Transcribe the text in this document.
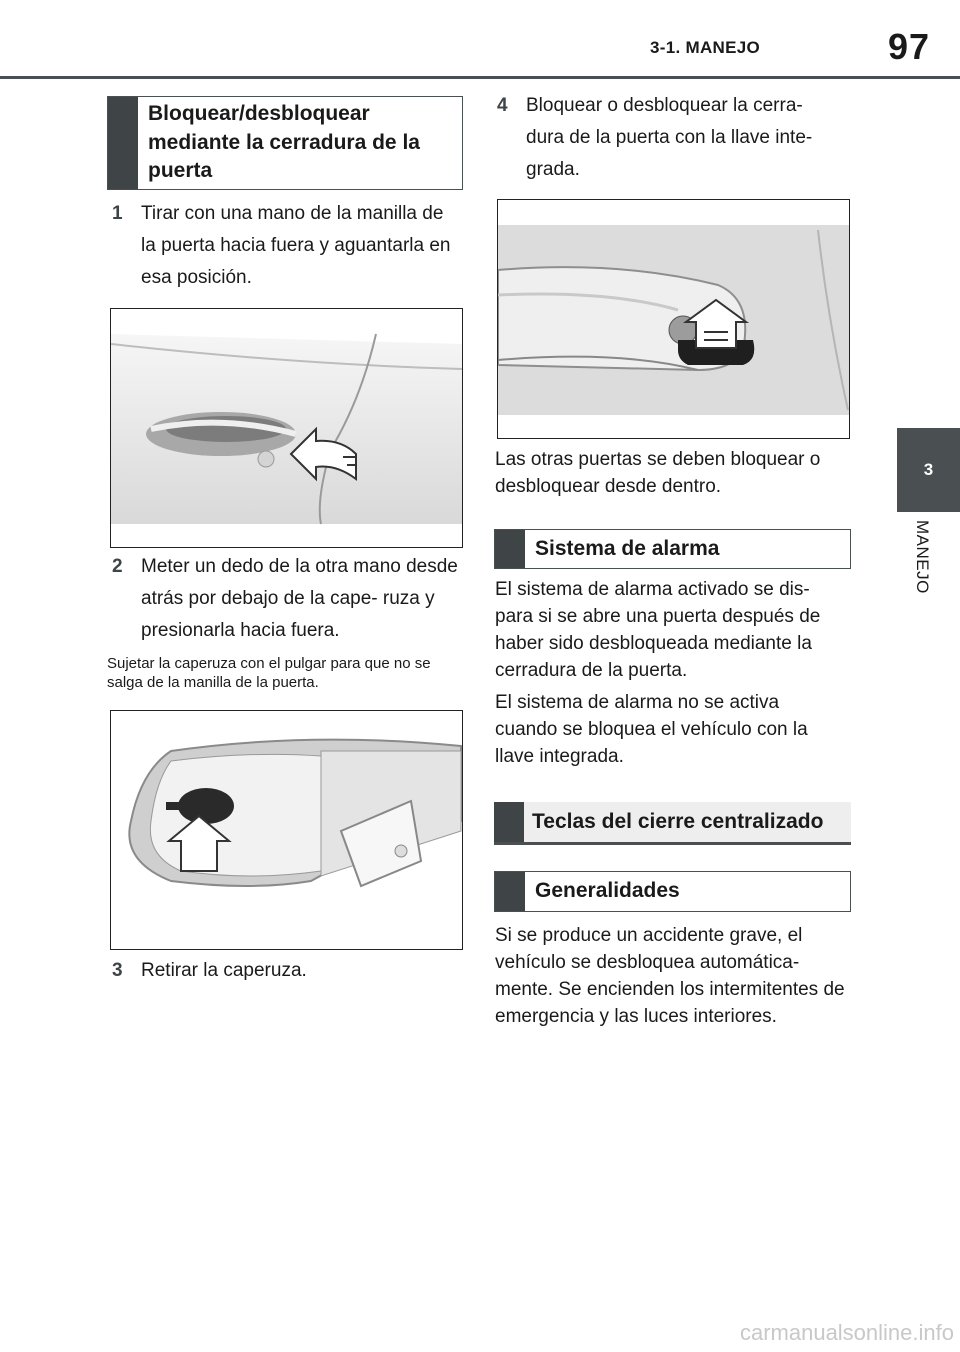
3-1. MANEJO	97
3
MANEJO
Bloquear/desbloquear mediante la cerradura de la puerta
1 Tirar con una mano de la manilla de la puerta hacia fuera y aguantarla en esa posición.
2 Meter un dedo de la otra mano desde atrás por debajo de la cape- ruza y presionarla hacia fuera.
Sujetar la caperuza con el pulgar para que no se salga de la manilla de la puerta.
3 Retirar la caperuza.
4 Bloquear o desbloquear la cerra- dura de la puerta con la llave inte- grada.
Las otras puertas se deben bloquear o desbloquear desde dentro.
Sistema de alarma
El sistema de alarma activado se dis- para si se abre una puerta después de haber sido desbloqueada mediante la cerradura de la puerta.
El sistema de alarma no se activa cuando se bloquea el vehículo con la llave integrada.
Teclas del cierre centralizado
Generalidades
Si se produce un accidente grave, el vehículo se desbloquea automática- mente. Se encienden los intermitentes de emergencia y las luces interiores.
carmanualsonline.info
